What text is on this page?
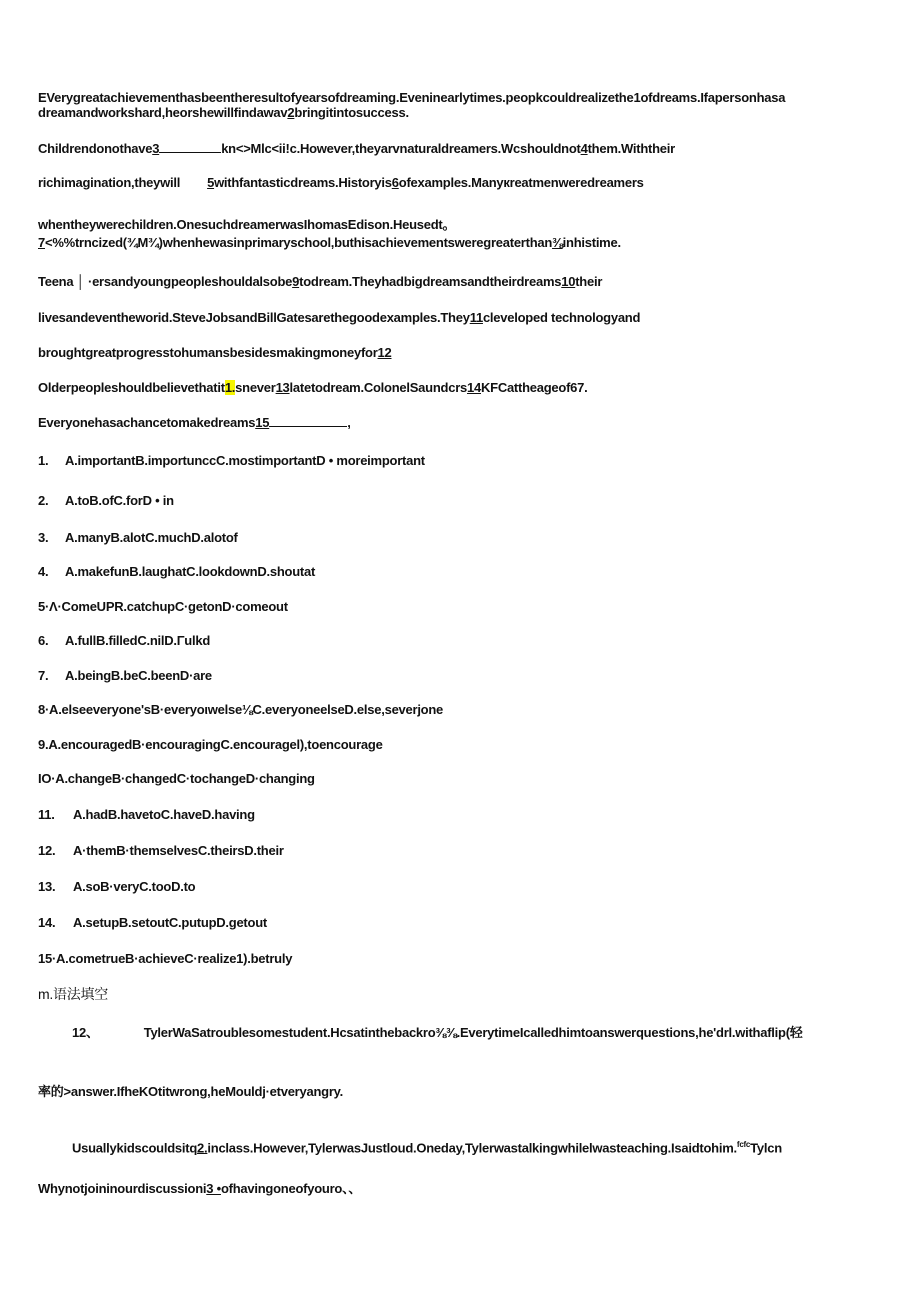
EVerygreatachievementhasbeentheresultofyearsofdreaming.Eveninearlytimes.peopkcouldrealizethe1ofdreams.Ifapersonhasa
dreamandworkshard,heorshewillfindawav2bringitintosuccess.
Childrendonothave3	kn<>Mlc<ii!c.However,theyarvnaturaldreamers.Wcshouldnot4them.Withtheir
richimagination,theywill 5withfantasticdreams.Historyis6ofexamples.Manyкreatmenweredreamers
whentheywerechildren.OnesuchdreamerwasIhomasEdison.Heusedt。
7<%%trncized(¾M¾)whenhewasinprimaryschool,buthisachievementsweregreaterthan⅜inhistime.
Teena │ ·ersandyoungpeopleshouldalsobe9todream.Theyhadbigdreamsandtheirdreams10their
livesandeventheworid.SteveJobsandBillGatesarethegoodexamples.They11cleveloped technologyand
broughtgreatprogresstohumansbesidesmakingmoneyfor12
Olderpeopleshouldbelievethatit1.snever13latetodream.ColonelSaundcrs14KFCattheageof67.
Everyonehasachancetomakedreams15	,
1. A.importantB.importunccC.mostimportantD • moreimportant
2. A.toB.ofC.forD • in
3. A.manyB.alotC.muchD.alotof
4. A.makefunB.laughatC.lookdownD.shoutat
5·Λ·ComeUPR.catchupC·getonD·comeout
6. A.fullB.filledC.nilD.Γulkd
7. A.beingB.beC.beenD·are
8·A.elseeveryone'sB·everyoιwelse⅛C.everyoneelseD.else,severjone
9.A.encouragedB·encouragingC.encouragel),toencourage
IO·A.changeB·changedC·tochangeD·changing
11. A.hadB.havetoC.haveD.having
12. A·themB·themselvesC.theirsD.their
13. A.soB·veryC.tooD.to
14. A.setupB.setoutC.putupD.getout
15·A.cometrueB·achieveC·realize1).betruly
m.语法填空
12、	TylerWaSatroublesomestudent.Hcsatinthebackro⅜⅜.EverytimeIcalledhimtoanswerquestions,he'drl.withaflip(轻
率的>answer.IfheKOtitwrong,heMouldj·etveryangry.
Usuallykidscouldsitq2.inclass.However,TylerwasJustloud.Oneday,Tylerwastalkingwhilelwasteaching.Isaidtohim.$^{fcfc}$Tylcn
Whynotjoininourdiscussioni3 •ofhavingoneofyouro、、
